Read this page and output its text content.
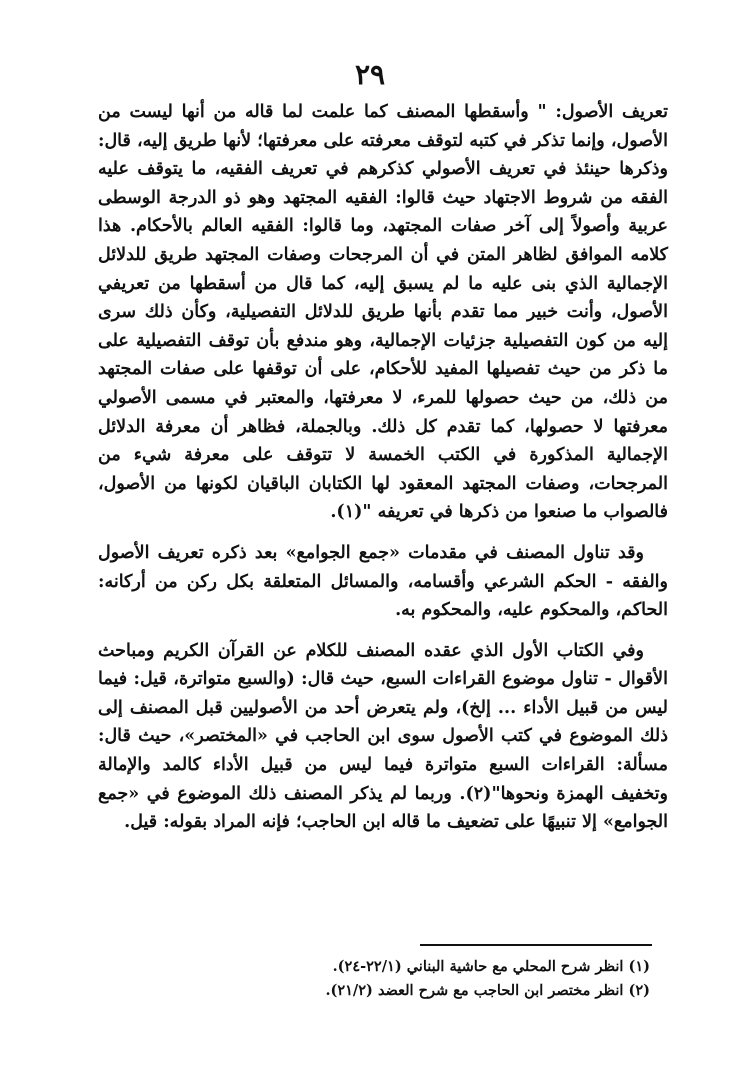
٢٩

تعريف الأصول: " وأسقطها المصنف كما علمت لما قاله من أنها ليست من الأصول، وإنما تذكر في كتبه لتوقف معرفته على معرفتها؛ لأنها طريق إليه، قال: وذكرها حينئذ في تعريف الأصولي كذكرهم في تعريف الفقيه، ما يتوقف عليه الفقه من شروط الاجتهاد حيث قالوا: الفقيه المجتهد وهو ذو الدرجة الوسطى عربية وأصولاً إلى آخر صفات المجتهد، وما قالوا: الفقيه العالم بالأحكام. هذا كلامه الموافق لظاهر المتن في أن المرجحات وصفات المجتهد طريق للدلائل الإجمالية الذي بنى عليه ما لم يسبق إليه، كما قال من أسقطها من تعريفي الأصول، وأنت خبير مما تقدم بأنها طريق للدلائل التفصيلية، وكأن ذلك سرى إليه من كون التفصيلية جزئيات الإجمالية، وهو مندفع بأن توقف التفصيلية على ما ذكر من حيث تفصيلها المفيد للأحكام، على أن توقفها على صفات المجتهد من ذلك، من حيث حصولها للمرء، لا معرفتها، والمعتبر في مسمى الأصولي معرفتها لا حصولها، كما تقدم كل ذلك. وبالجملة، فظاهر أن معرفة الدلائل الإجمالية المذكورة في الكتب الخمسة لا تتوقف على معرفة شيء من المرجحات، وصفات المجتهد المعقود لها الكتابان الباقيان لكونها من الأصول، فالصواب ما صنعوا من ذكرها في تعريفه "(١).

وقد تناول المصنف في مقدمات «جمع الجوامع» بعد ذكره تعريف الأصول والفقه - الحكم الشرعي وأقسامه، والمسائل المتعلقة بكل ركن من أركانه: الحاكم، والمحكوم عليه، والمحكوم به.

وفي الكتاب الأول الذي عقده المصنف للكلام عن القرآن الكريم ومباحث الأقوال - تناول موضوع القراءات السبع، حيث قال: (والسبع متواترة، قيل: فيما ليس من قبيل الأداء ... إلخ)، ولم يتعرض أحد من الأصوليين قبل المصنف إلى ذلك الموضوع في كتب الأصول سوى ابن الحاجب في «المختصر»، حيث قال: مسألة: القراءات السبع متواترة فيما ليس من قبيل الأداء كالمد والإمالة وتخفيف الهمزة ونحوها"(٢). وربما لم يذكر المصنف ذلك الموضوع في «جمع الجوامع» إلا تنبيهًا على تضعيف ما قاله ابن الحاجب؛ فإنه المراد بقوله: قيل.

(١) انظر شرح المحلي مع حاشية البناني (٢٢/١-٢٤).

(٢) انظر مختصر ابن الحاجب مع شرح العضد (٢١/٢).
